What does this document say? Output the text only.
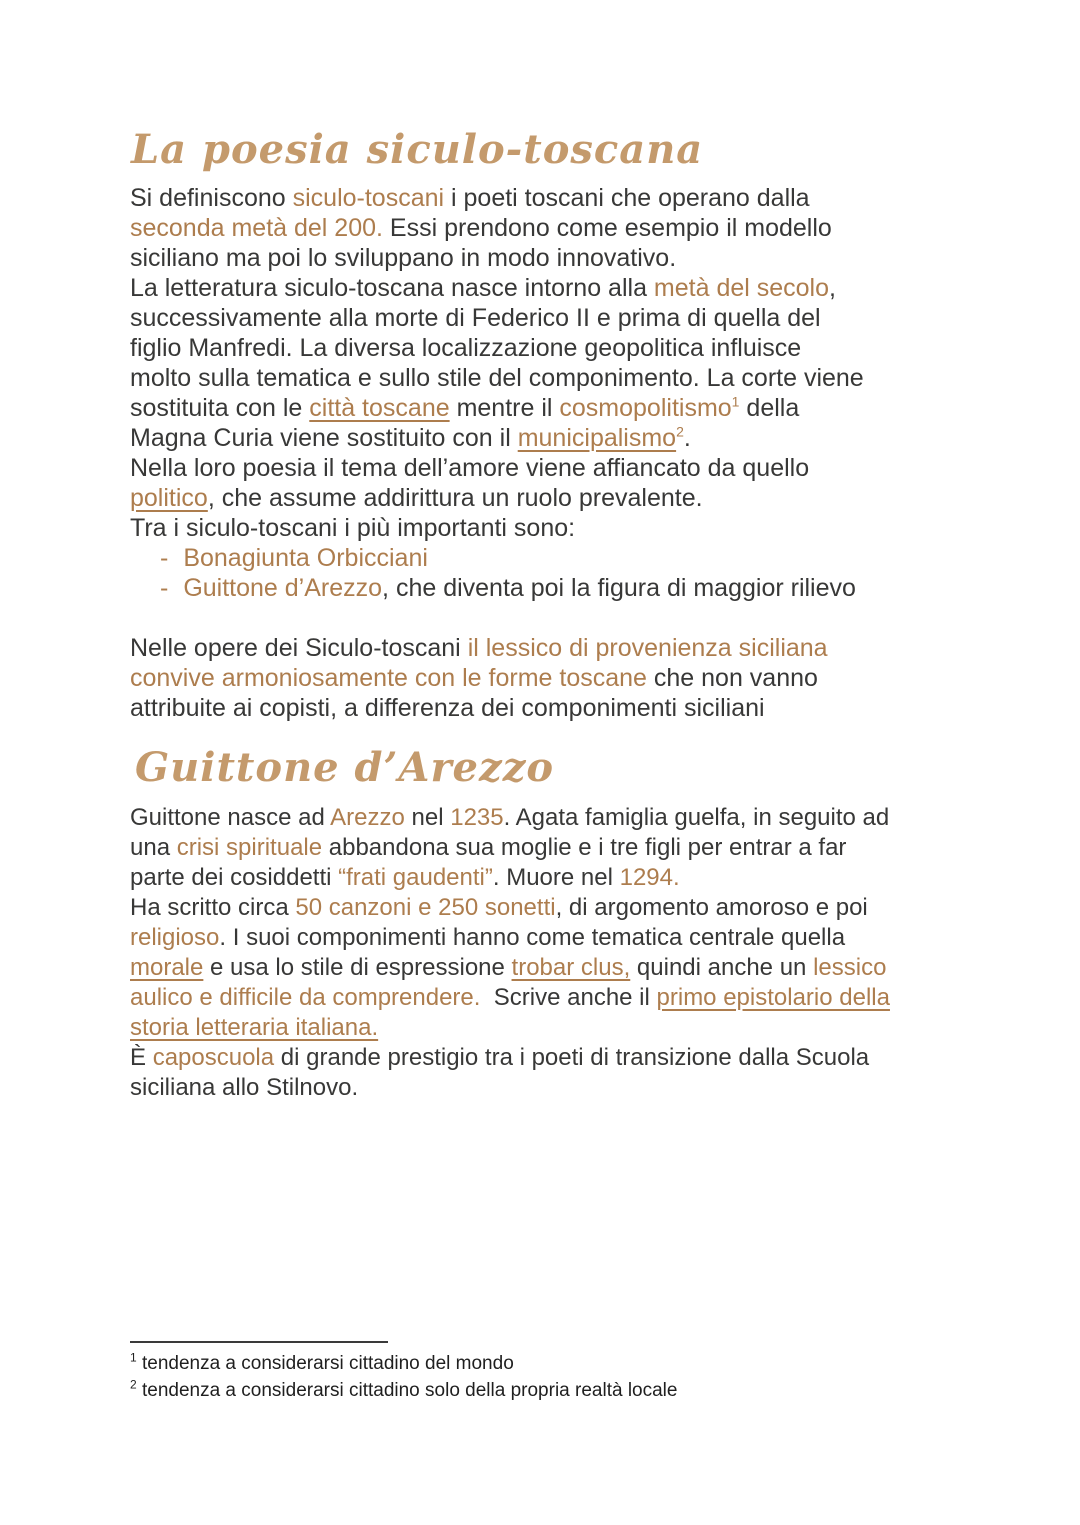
La poesia siculo-toscana
Si definiscono siculo-toscani i poeti toscani che operano dalla
seconda metà del 200. Essi prendono come esempio il modello
siciliano ma poi lo sviluppano in modo innovativo.
La letteratura siculo-toscana nasce intorno alla metà del secolo,
successivamente alla morte di Federico II e prima di quella del
figlio Manfredi. La diversa localizzazione geopolitica influisce
molto sulla tematica e sullo stile del componimento. La corte viene
sostituita con le città toscane mentre il cosmopolitismo$^1$ della
Magna Curia viene sostituito con il municipalismo$^2$.
Nella loro poesia il tema dell’amore viene affiancato da quello
politico, che assume addirittura un ruolo prevalente.
Tra i siculo-toscani i più importanti sono:
- Bonagiunta Orbicciani
- Guittone d’Arezzo, che diventa poi la figura di maggior rilievo
Nelle opere dei Siculo-toscani il lessico di provenienza siciliana
convive armoniosamente con le forme toscane che non vanno
attribuite ai copisti, a differenza dei componimenti siciliani
Guittone d’Arezzo
Guittone nasce ad Arezzo nel 1235. Agata famiglia guelfa, in seguito ad
una crisi spirituale abbandona sua moglie e i tre figli per entrar a far
parte dei cosiddetti “frati gaudenti”. Muore nel 1294.
Ha scritto circa 50 canzoni e 250 sonetti, di argomento amoroso e poi
religioso. I suoi componimenti hanno come tematica centrale quella
morale e usa lo stile di espressione trobar clus, quindi anche un lessico
aulico e difficile da comprendere.  Scrive anche il primo epistolario della
storia letteraria italiana.
È caposcuola di grande prestigio tra i poeti di transizione dalla Scuola
siciliana allo Stilnovo.
$^1$ tendenza a considerarsi cittadino del mondo
$^2$ tendenza a considerarsi cittadino solo della propria realtà locale
